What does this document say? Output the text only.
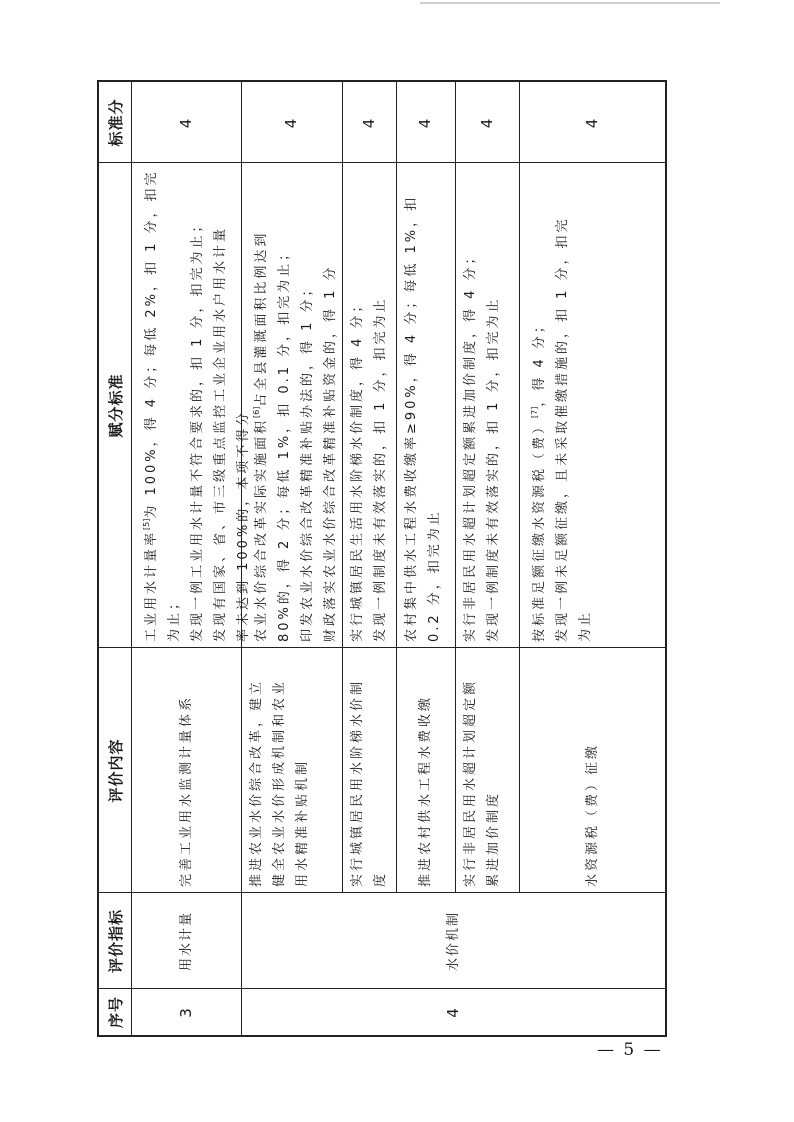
序号
评价指标
评价内容
赋分标准
标准分
3
用水计量
完善工业用水监测计量体系
工业用水计量率[5]为 100%，得 4 分；每低 2%，扣 1 分，扣完
为止； 发现一例工业用水计量不符合要求的，扣 1 分，扣完为止； 发现有国家、省、市三级重点监控工业企业用水户用水计量 率未达到 100%的，本项不得分
4
4
水价机制
推进农业水价综合改革，建立 健全农业水价形成机制和农业 用水精准补贴机制
农业水价综合改革实际实施面积[6]占全县灌溉面积比例达到 80%的，得 2 分；每低 1%，扣 0.1 分，扣完为止； 印发农业水价综合改革精准补贴办法的，得 1 分； 财政落实农业水价综合改革精准补贴资金的，得 1 分
4
实行城镇居民用水阶梯水价制 度
实行城镇居民生活用水阶梯水价制度，得 4 分； 发现一例制度未有效落实的，扣 1 分，扣完为止
4
推进农村供水工程水费收缴
农村集中供水工程水费收缴率≥90%，得 4 分；每低 1%，扣 0.2 分，扣完为止
4
实行非居民用水超计划超定额 累进加价制度
实行非居民用水超计划超定额累进加价制度，得 4 分； 发现一例制度未有效落实的，扣 1 分，扣完为止
4
水资源税（费）征缴
按标准足额征缴水资源税（费）[7]，得 4 分； 发现一例未足额征缴，且未采取催缴措施的，扣 1 分，扣完 为止
4
— 5 —
